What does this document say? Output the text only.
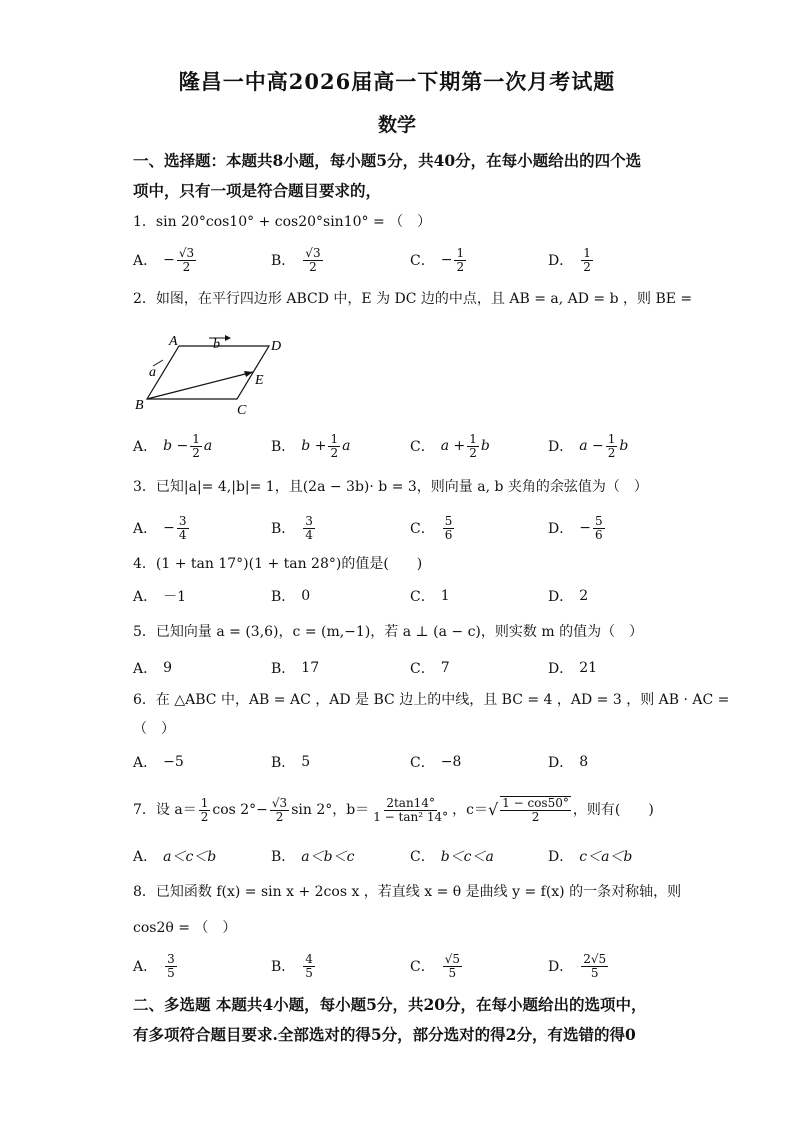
隆昌一中高2026届高一下期第一次月考试题
数学
一、选择题：本题共8小题，每小题5分，共40分，在每小题给出的四个选
项中，只有一项是符合题目要求的，
1．sin 20°cos10° + cos20°sin10° = （　）
A． − $\frac{√3}{2}$	B． $\frac{√3}{2}$	C． − $\frac{1}{2}$	D． $\frac{1}{2}$
2．如图，在平行四边形 ABCD 中，E 为 DC 边的中点，且 AB = a, AD = b ，则 BE =
A	D
B	C
E
b
a
A． $b - \frac{1}{2}$ a	B． $b + \frac{1}{2}$ a	C． $a + \frac{1}{2}$ b	D． $a - \frac{1}{2}$ b
3．已知|a|= 4,|b|= 1，且(2a − 3b)· b = 3，则向量 a, b 夹角的余弦值为（　）
A． − $\frac{3}{4}$	B． $\frac{3}{4}$	C． $\frac{5}{6}$	D． − $\frac{5}{6}$
4．(1 + tan 17°)(1 + tan 28°)的值是(　　)
A． －1	B． 0	C． 1	D． 2
5．已知向量 a = (3,6)，c = (m,−1)，若 a ⊥ (a − c)，则实数 m 的值为（　）
A． 9	B． 17	C． 7	D． 21
6．在 △ABC 中，AB = AC ，AD 是 BC 边上的中线，且 BC = 4 ，AD = 3 ，则 AB · AC =
（　）
A． −5	B． 5	C． −8	D． 8
7．设 $a= \frac{1}{2}$ $\cos 2^\circ- \frac{√3}{2}$ sin 2°，$b= \frac{2\tan 14^\circ}{\text{1 − tan² 14°}}$ ，c＝ √ $\frac{1 - \cos 50^\circ}{2}$ ，则有(　　)
A． a＜c＜b	B． a＜b＜c	C． b＜c＜a	D． c＜a＜b
8．已知函数 f(x) = sin x + 2cos x ，若直线 x = θ 是曲线 y = f(x) 的一条对称轴，则
cos2θ = （　）
A． $\frac{3}{5}$	B． $\frac{4}{5}$	C． $\frac{√5}{5}$	D． $\frac{2√5}{5}$
二、多选题 本题共4小题，每小题5分，共20分，在每小题给出的选项中，
有多项符合题目要求.全部选对的得5分，部分选对的得2分，有选错的得0
